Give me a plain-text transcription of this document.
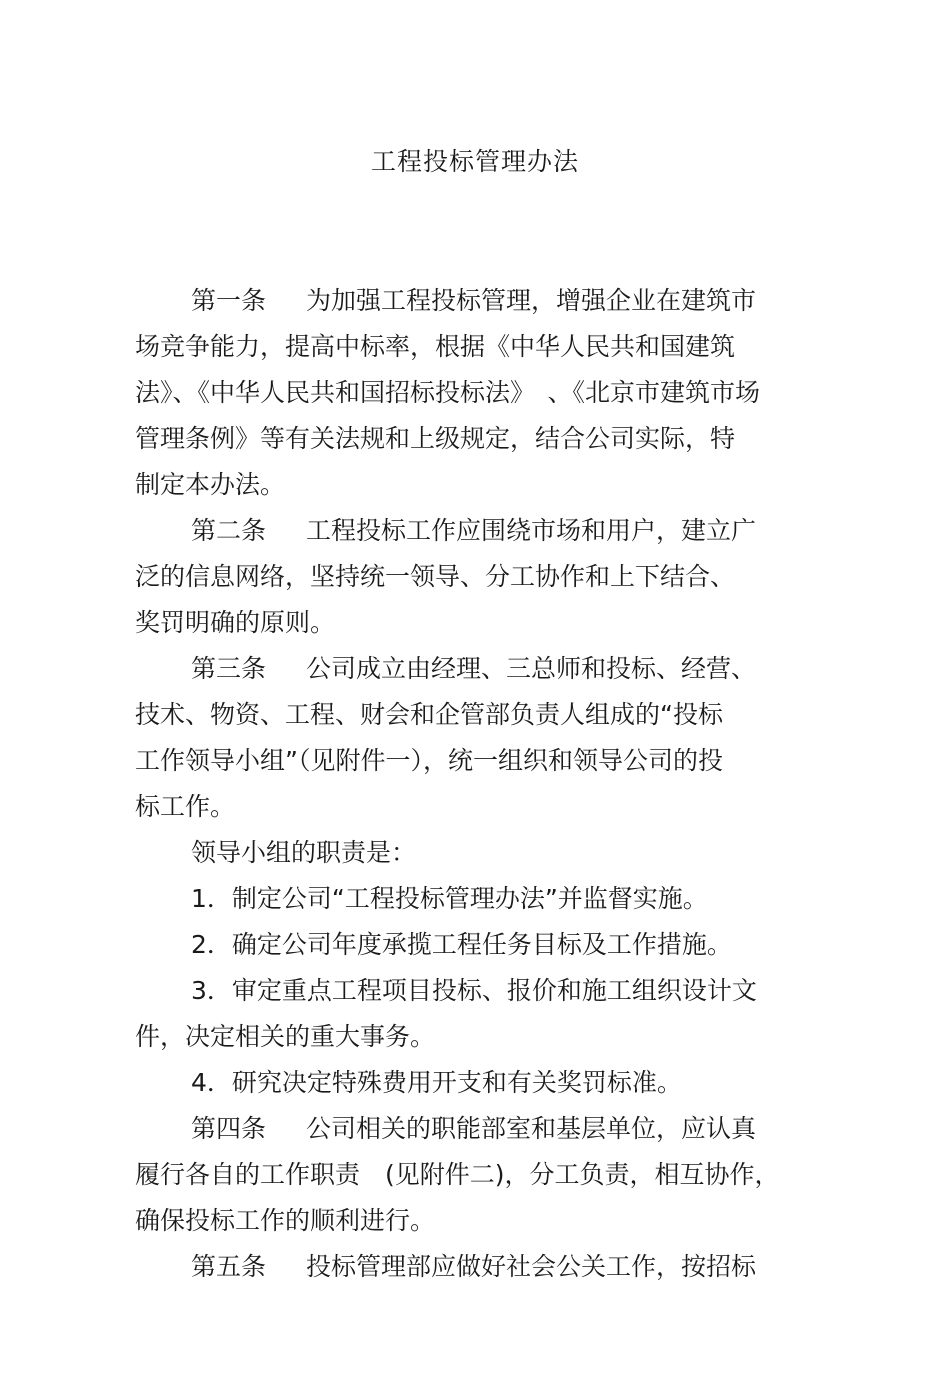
工程投标管理办法
第一条 为加强工程投标管理，增强企业在建筑市
场竞争能力，提高中标率，根据《中华人民共和国建筑
法》、《中华人民共和国招标投标法》　、《北京市建筑市场
管理条例》等有关法规和上级规定，结合公司实际，特
制定本办法。
第二条 工程投标工作应围绕市场和用户，建立广
泛的信息网络，坚持统一领导、分工协作和上下结合、
奖罚明确的原则。
第三条 公司成立由经理、三总师和投标、经营、
技术、物资、工程、财会和企管部负责人组成的“投标
工作领导小组”（见附件一），统一组织和领导公司的投
标工作。
领导小组的职责是：
1．制定公司“工程投标管理办法”并监督实施。
2．确定公司年度承揽工程任务目标及工作措施。
3．审定重点工程项目投标、报价和施工组织设计文
件，决定相关的重大事务。
4．研究决定特殊费用开支和有关奖罚标准。
第四条 公司相关的职能部室和基层单位，应认真
履行各自的工作职责　(见附件二)，分工负责，相互协作，
确保投标工作的顺利进行。
第五条 投标管理部应做好社会公关工作，按招标
